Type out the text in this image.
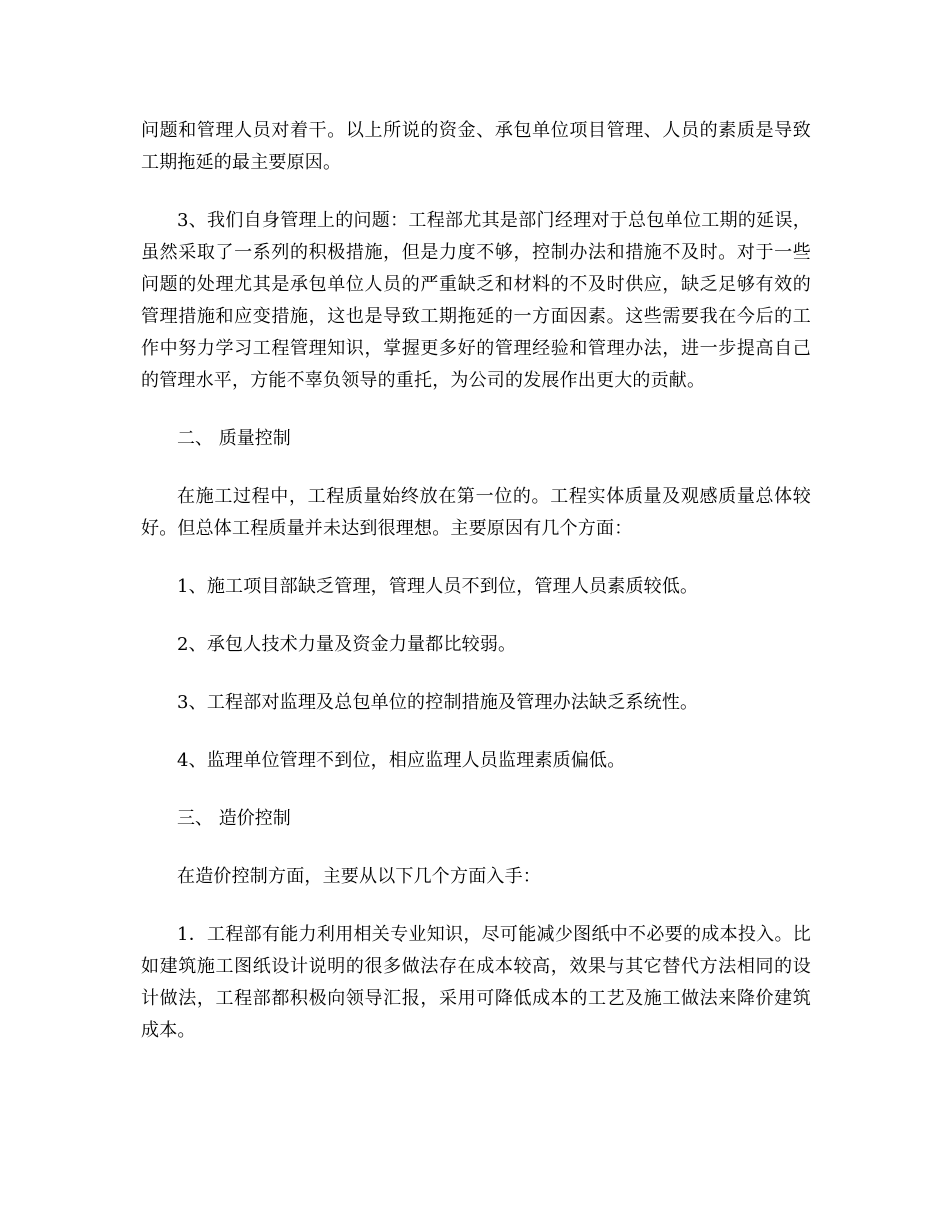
问题和管理人员对着干。以上所说的资金、承包单位项目管理、人员的素质是导致工期拖延的最主要原因。

3、我们自身管理上的问题：工程部尤其是部门经理对于总包单位工期的延误，虽然采取了一系列的积极措施，但是力度不够，控制办法和措施不及时。对于一些问题的处理尤其是承包单位人员的严重缺乏和材料的不及时供应，缺乏足够有效的管理措施和应变措施，这也是导致工期拖延的一方面因素。这些需要我在今后的工作中努力学习工程管理知识，掌握更多好的管理经验和管理办法，进一步提高自己的管理水平，方能不辜负领导的重托，为公司的发展作出更大的贡献。

二、 质量控制

在施工过程中，工程质量始终放在第一位的。工程实体质量及观感质量总体较好。但总体工程质量并未达到很理想。主要原因有几个方面：

1、施工项目部缺乏管理，管理人员不到位，管理人员素质较低。

2、承包人技术力量及资金力量都比较弱。

3、工程部对监理及总包单位的控制措施及管理办法缺乏系统性。

4、监理单位管理不到位，相应监理人员监理素质偏低。

三、 造价控制

在造价控制方面，主要从以下几个方面入手：

1．工程部有能力利用相关专业知识，尽可能减少图纸中不必要的成本投入。比如建筑施工图纸设计说明的很多做法存在成本较高，效果与其它替代方法相同的设计做法，工程部都积极向领导汇报，采用可降低成本的工艺及施工做法来降价建筑成本。
